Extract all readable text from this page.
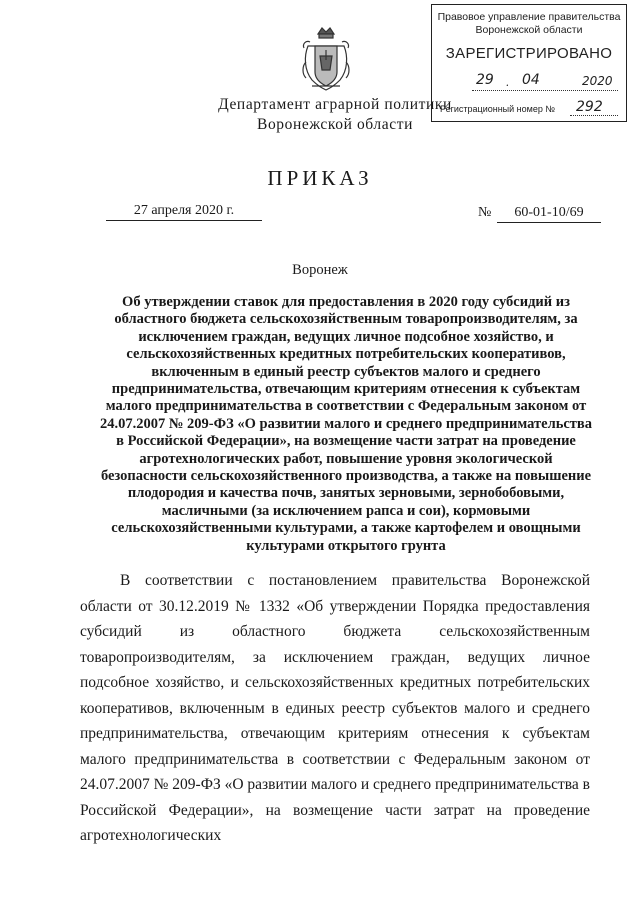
Правовое управление правительства
Воронежской области
ЗАРЕГИСТРИРОВАНО
29 . 04	2020
Регистрационный номер № 292
Департамент аграрной политики
Воронежской области
ПРИКАЗ
27 апреля 2020 г.	№	60-01-10/69
Воронеж
Об утверждении ставок для предоставления в 2020 году субсидий из областного бюджета сельскохозяйственным товаропроизводителям, за исключением граждан, ведущих личное подсобное хозяйство, и сельскохозяйственных кредитных потребительских кооперативов, включенным в единый реестр субъектов малого и среднего предпринимательства, отвечающим критериям отнесения к субъектам малого предпринимательства в соответствии с Федеральным законом от 24.07.2007 № 209-ФЗ «О развитии малого и среднего предпринимательства в Российской Федерации», на возмещение части затрат на проведение агротехнологических работ, повышение уровня экологической безопасности сельскохозяйственного производства, а также на повышение плодородия и качества почв, занятых зерновыми, зернобобовыми, масличными (за исключением рапса и сои), кормовыми сельскохозяйственными культурами, а также картофелем и овощными культурами открытого грунта

В соответствии с постановлением правительства Воронежской области от 30.12.2019 № 1332 «Об утверждении Порядка предоставления субсидий из областного бюджета сельскохозяйственным товаропроизводителям, за исключением граждан, ведущих личное подсобное хозяйство, и сельскохозяйственных кредитных потребительских кооперативов, включенным в единых реестр субъектов малого и среднего предпринимательства, отвечающим критериям отнесения к субъектам малого предпринимательства в соответствии с Федеральным законом от 24.07.2007 № 209-ФЗ «О развитии малого и среднего предпринимательства в Российской Федерации», на возмещение части затрат на проведение агротехнологических
